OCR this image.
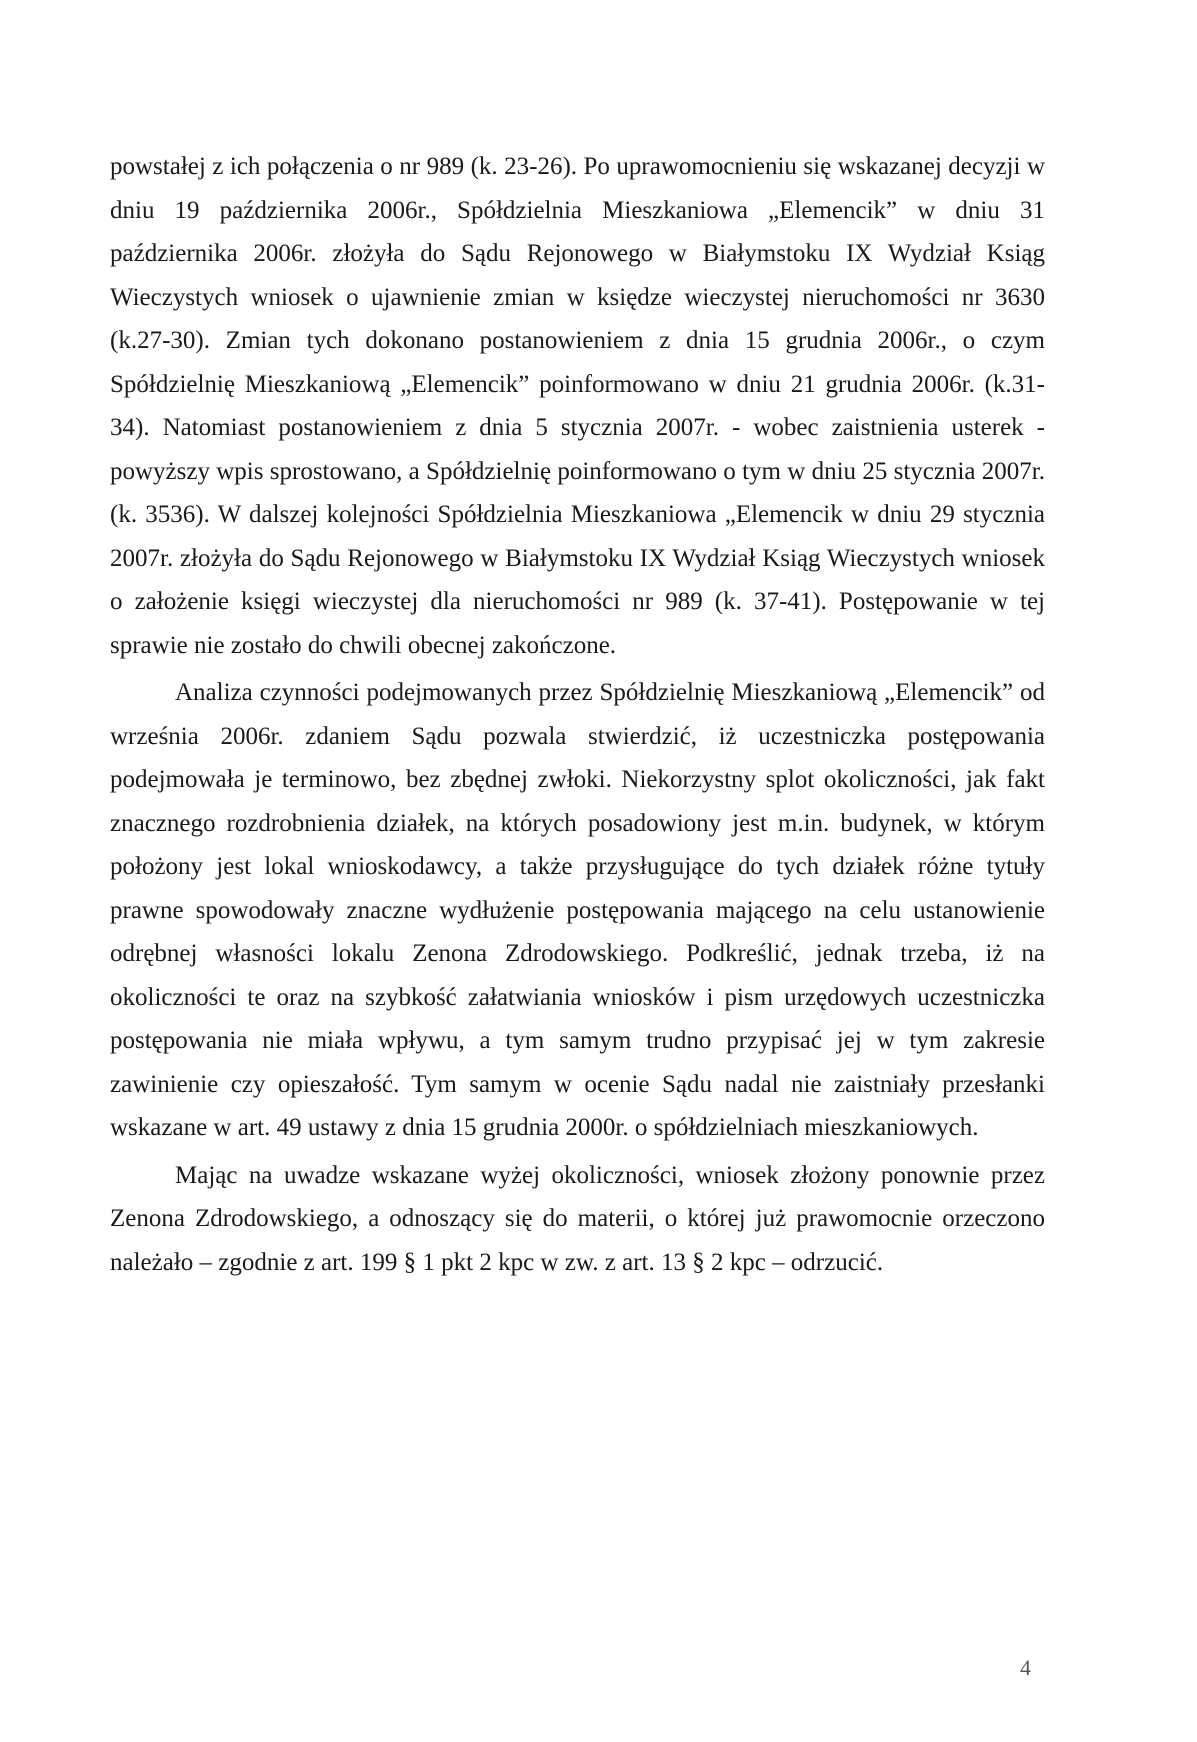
powstałej z ich połączenia o nr 989 (k. 23-26). Po uprawomocnieniu się wskazanej decyzji w dniu 19 października 2006r., Spółdzielnia Mieszkaniowa „Elemencik” w dniu 31 października 2006r. złożyła do Sądu Rejonowego w Białymstoku IX Wydział Ksiąg Wieczystych wniosek o ujawnienie zmian w księdze wieczystej nieruchomości nr 3630 (k.27-30). Zmian tych dokonano postanowieniem z dnia 15 grudnia 2006r., o czym Spółdzielnię Mieszkaniową „Elemencik” poinformowano w dniu 21 grudnia 2006r. (k.31-34). Natomiast postanowieniem z dnia 5 stycznia 2007r. - wobec zaistnienia usterek - powyższy wpis sprostowano, a Spółdzielnię poinformowano o tym w dniu 25 stycznia 2007r. (k. 3536). W dalszej kolejności Spółdzielnia Mieszkaniowa „Elemencik w dniu 29 stycznia 2007r. złożyła do Sądu Rejonowego w Białymstoku IX Wydział Ksiąg Wieczystych wniosek o założenie księgi wieczystej dla nieruchomości nr 989 (k. 37-41). Postępowanie w tej sprawie nie zostało do chwili obecnej zakończone.

Analiza czynności podejmowanych przez Spółdzielnię Mieszkaniową „Elemencik” od września 2006r. zdaniem Sądu pozwala stwierdzić, iż uczestniczka postępowania podejmowała je terminowo, bez zbędnej zwłoki. Niekorzystny splot okoliczności, jak fakt znacznego rozdrobnienia działek, na których posadowiony jest m.in. budynek, w którym położony jest lokal wnioskodawcy, a także przysługujące do tych działek różne tytuły prawne spowodowały znaczne wydłużenie postępowania mającego na celu ustanowienie odrębnej własności lokalu Zenona Zdrodowskiego. Podkreślić, jednak trzeba, iż na okoliczności te oraz na szybkość załatwiania wniosków i pism urzędowych uczestniczka postępowania nie miała wpływu, a tym samym trudno przypisać jej w tym zakresie zawinienie czy opieszałość. Tym samym w ocenie Sądu nadal nie zaistniały przesłanki wskazane w art. 49 ustawy z dnia 15 grudnia 2000r. o spółdzielniach mieszkaniowych.

Mając na uwadze wskazane wyżej okoliczności, wniosek złożony ponownie przez Zenona Zdrodowskiego, a odnoszący się do materii, o której już prawomocnie orzeczono należało – zgodnie z art. 199 § 1 pkt 2 kpc w zw. z art. 13 § 2 kpc – odrzucić.

4
